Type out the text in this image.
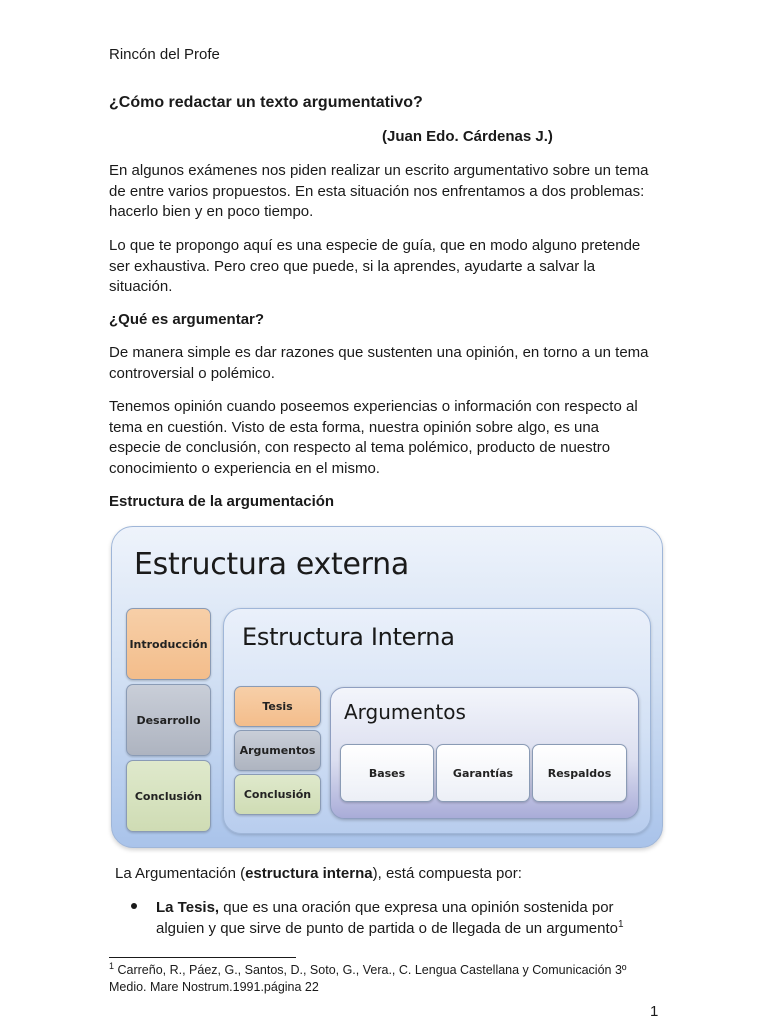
Rincón del Profe
¿Cómo redactar un texto argumentativo?
(Juan Edo. Cárdenas J.)

En algunos exámenes nos piden realizar un escrito argumentativo sobre un tema de entre varios propuestos. En esta situación nos enfrentamos a dos problemas: hacerlo bien y en poco tiempo.

Lo que te propongo aquí es una especie de guía, que en modo alguno pretende ser exhaustiva. Pero creo que puede, si la aprendes, ayudarte a salvar la situación.

¿Qué es argumentar?

De manera simple es dar razones que sustenten una opinión, en torno a un tema controversial o polémico.

Tenemos opinión cuando poseemos experiencias o información con respecto al tema en cuestión. Visto de esta forma, nuestra opinión sobre algo, es una especie de conclusión, con respecto al tema polémico, producto de nuestro conocimiento o experiencia en el mismo.

Estructura de la argumentación
Estructura externa
Introducción
Desarrollo
Conclusión
Estructura Interna
Tesis
Argumentos
Conclusión
Argumentos
Bases	Garantías	Respaldos
La Argumentación (estructura interna), está compuesta por:
La Tesis, que es una oración que expresa una opinión sostenida por
alguien y que sirve de punto de partida o de llegada de un argumento$^1$
$^1$ Carreño, R., Páez, G., Santos, D., Soto, G., Vera., C. Lengua Castellana y Comunicación 3º
Medio. Mare Nostrum.1991.página 22
1
